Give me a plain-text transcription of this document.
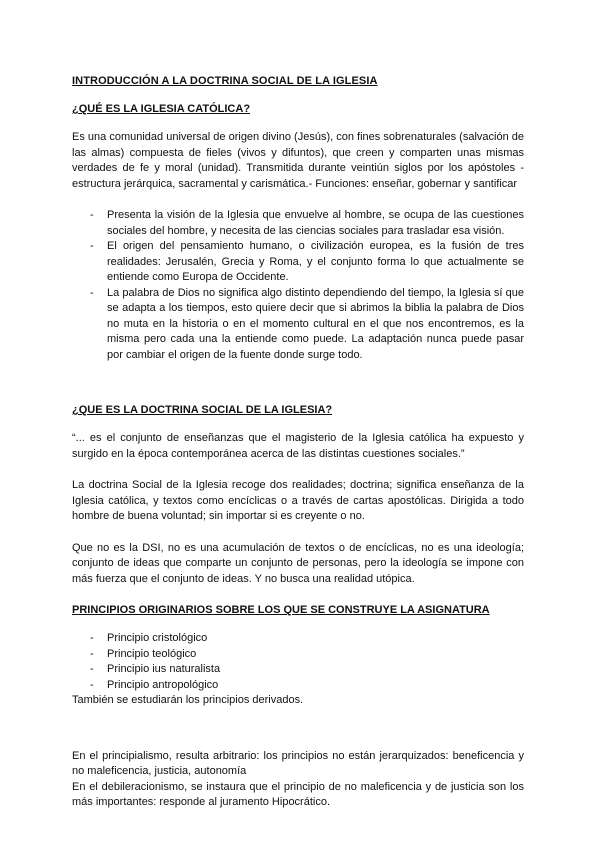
INTRODUCCIÓN A LA DOCTRINA SOCIAL DE LA IGLESIA
¿QUÉ ES LA IGLESIA CATÓLICA?

Es una comunidad universal de origen divino (Jesús), con fines sobrenaturales (salvación de las almas) compuesta de fieles (vivos y difuntos), que creen y comparten unas mismas verdades de fe y moral (unidad). Transmitida durante veintiún siglos por los apóstoles - estructura jerárquica, sacramental y carismática.- Funciones: enseñar, gobernar y santificar

- Presenta la visión de la Iglesia que envuelve al hombre, se ocupa de las cuestiones sociales del hombre, y necesita de las ciencias sociales para trasladar esa visión.
- El origen del pensamiento humano, o civilización europea, es la fusión de tres realidades: Jerusalén, Grecia y Roma, y el conjunto forma lo que actualmente se entiende como Europa de Occidente.
- La palabra de Dios no significa algo distinto dependiendo del tiempo, la Iglesia sí que se adapta a los tiempos, esto quiere decir que si abrimos la biblia la palabra de Dios no muta en la historia o en el momento cultural en el que nos encontremos, es la misma pero cada una la entiende como puede. La adaptación nunca puede pasar por cambiar el origen de la fuente donde surge todo.
¿QUE ES LA DOCTRINA SOCIAL DE LA IGLESIA?

“... es el conjunto de enseñanzas que el magisterio de la Iglesia católica ha expuesto y surgido en la época contemporánea acerca de las distintas cuestiones sociales.”

La doctrina Social de la Iglesia recoge dos realidades; doctrina; significa enseñanza de la Iglesia católica, y textos como encíclicas o a través de cartas apostólicas. Dirigida a todo hombre de buena voluntad; sin importar si es creyente o no.

Que no es la DSI, no es una acumulación de textos o de encíclicas, no es una ideología; conjunto de ideas que comparte un conjunto de personas, pero la ideología se impone con más fuerza que el conjunto de ideas. Y no busca una realidad utópica.

PRINCIPIOS ORIGINARIOS SOBRE LOS QUE SE CONSTRUYE LA ASIGNATURA
- Principio cristológico
- Principio teológico
- Principio ius naturalista
- Principio antropológico

También se estudiarán los principios derivados.

En el principialismo, resulta arbitrario: los principios no están jerarquizados: beneficencia y no maleficencia, justicia, autonomía

En el debileracionismo, se instaura que el principio de no maleficencia y de justicia son los más importantes: responde al juramento Hipocrático.
